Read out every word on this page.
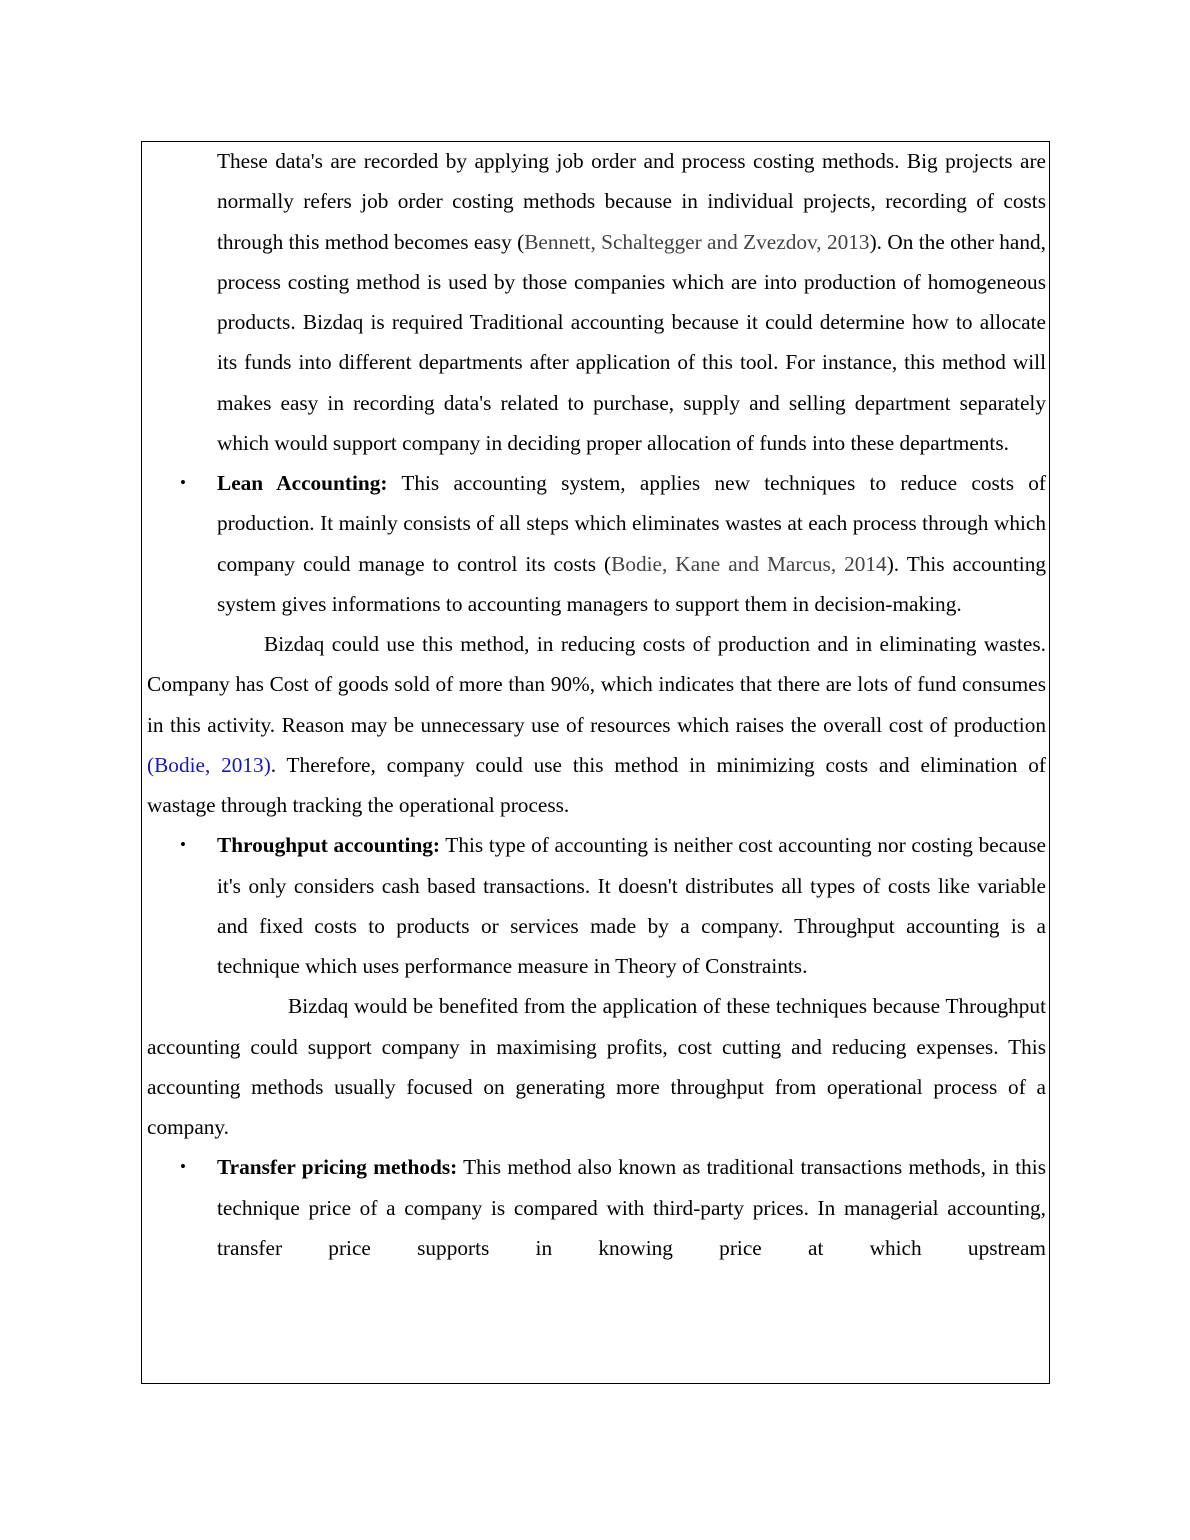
These data's are recorded by applying job order and process costing methods. Big projects are normally refers job order costing methods because in individual projects, recording of costs through this method becomes easy (Bennett, Schaltegger and Zvezdov, 2013). On the other hand, process costing method is used by those companies which are into production of homogeneous products. Bizdaq is required Traditional accounting because it could determine how to allocate its funds into different departments after application of this tool. For instance, this method will makes easy in recording data's related to purchase, supply and selling department separately which would support company in deciding proper allocation of funds into these departments.

• Lean Accounting: This accounting system, applies new techniques to reduce costs of production. It mainly consists of all steps which eliminates wastes at each process through which company could manage to control its costs (Bodie, Kane and Marcus, 2014). This accounting system gives informations to accounting managers to support them in decision-making.

Bizdaq could use this method, in reducing costs of production and in eliminating wastes. Company has Cost of goods sold of more than 90%, which indicates that there are lots of fund consumes in this activity. Reason may be unnecessary use of resources which raises the overall cost of production (Bodie, 2013). Therefore, company could use this method in minimizing costs and elimination of wastage through tracking the operational process.

• Throughput accounting: This type of accounting is neither cost accounting nor costing because it's only considers cash based transactions. It doesn't distributes all types of costs like variable and fixed costs to products or services made by a company. Throughput accounting is a technique which uses performance measure in Theory of Constraints.

Bizdaq would be benefited from the application of these techniques because Throughput accounting could support company in maximising profits, cost cutting and reducing expenses. This accounting methods usually focused on generating more throughput from operational process of a company.

• Transfer pricing methods: This method also known as traditional transactions methods, in this technique price of a company is compared with third-party prices. In managerial accounting, transfer price supports in knowing price at which upstream
